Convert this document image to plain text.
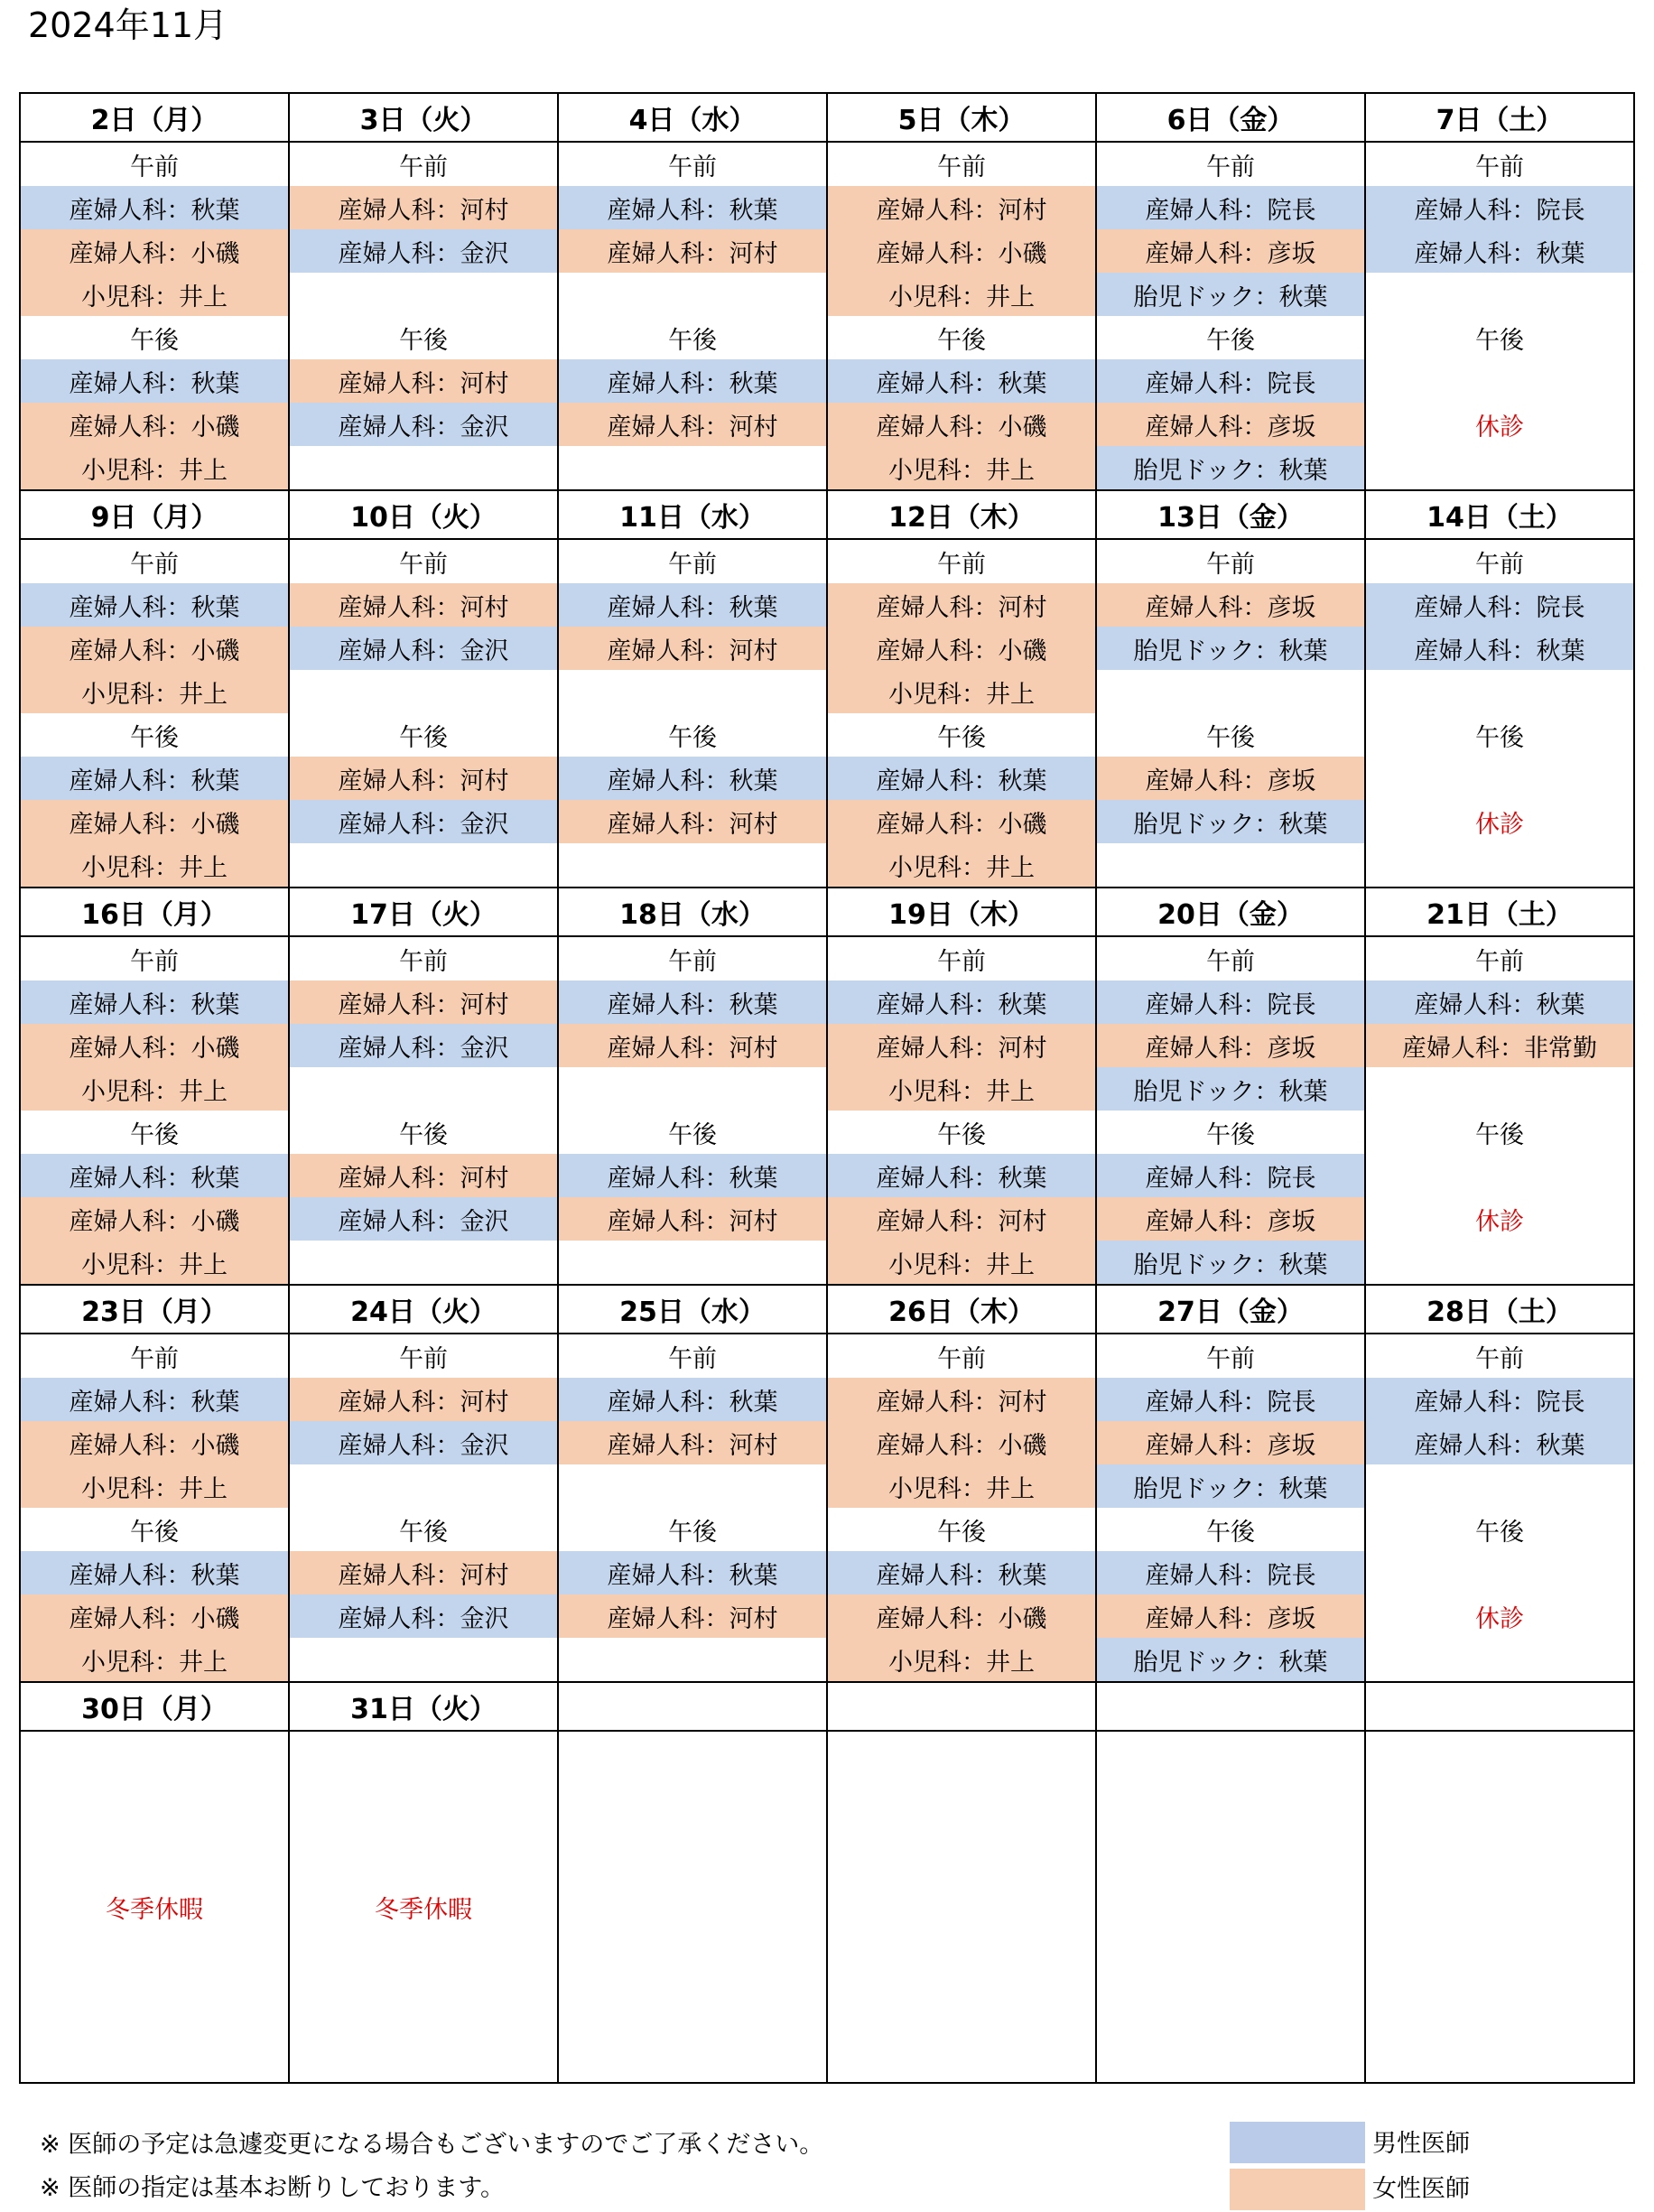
2024年11月
2日（月）	3日（火）	4日（水）	5日（木）	6日（金）	7日（土）
午前	午前	午前	午前	午前	午前
産婦人科：秋葉	産婦人科：河村	産婦人科：秋葉	産婦人科：河村	産婦人科：院長	産婦人科：院長
産婦人科：小磯	産婦人科：金沢	産婦人科：河村	産婦人科：小磯	産婦人科：彦坂	産婦人科：秋葉
小児科：井上			小児科：井上	胎児ドック：秋葉	
午後	午後	午後	午後	午後	午後
産婦人科：秋葉	産婦人科：河村	産婦人科：秋葉	産婦人科：秋葉	産婦人科：院長	休診
産婦人科：小磯	産婦人科：金沢	産婦人科：河村	産婦人科：小磯	産婦人科：彦坂	
小児科：井上			小児科：井上	胎児ドック：秋葉	
9日（月）	10日（火）	11日（水）	12日（木）	13日（金）	14日（土）
午前	午前	午前	午前	午前	午前
産婦人科：秋葉	産婦人科：河村	産婦人科：秋葉	産婦人科：河村	産婦人科：彦坂	産婦人科：院長
産婦人科：小磯	産婦人科：金沢	産婦人科：河村	産婦人科：小磯	胎児ドック：秋葉	産婦人科：秋葉
小児科：井上			小児科：井上		
午後	午後	午後	午後	午後	午後
産婦人科：秋葉	産婦人科：河村	産婦人科：秋葉	産婦人科：秋葉	産婦人科：彦坂	休診
産婦人科：小磯	産婦人科：金沢	産婦人科：河村	産婦人科：小磯	胎児ドック：秋葉	
小児科：井上			小児科：井上		
16日（月）	17日（火）	18日（水）	19日（木）	20日（金）	21日（土）
午前	午前	午前	午前	午前	午前
産婦人科：秋葉	産婦人科：河村	産婦人科：秋葉	産婦人科：秋葉	産婦人科：院長	産婦人科：秋葉
産婦人科：小磯	産婦人科：金沢	産婦人科：河村	産婦人科：河村	産婦人科：彦坂	産婦人科：非常勤
小児科：井上			小児科：井上	胎児ドック：秋葉	
午後	午後	午後	午後	午後	午後
産婦人科：秋葉	産婦人科：河村	産婦人科：秋葉	産婦人科：秋葉	産婦人科：院長	休診
産婦人科：小磯	産婦人科：金沢	産婦人科：河村	産婦人科：河村	産婦人科：彦坂	
小児科：井上			小児科：井上	胎児ドック：秋葉	
23日（月）	24日（火）	25日（水）	26日（木）	27日（金）	28日（土）
午前	午前	午前	午前	午前	午前
産婦人科：秋葉	産婦人科：河村	産婦人科：秋葉	産婦人科：河村	産婦人科：院長	産婦人科：院長
産婦人科：小磯	産婦人科：金沢	産婦人科：河村	産婦人科：小磯	産婦人科：彦坂	産婦人科：秋葉
小児科：井上			小児科：井上	胎児ドック：秋葉	
午後	午後	午後	午後	午後	午後
産婦人科：秋葉	産婦人科：河村	産婦人科：秋葉	産婦人科：秋葉	産婦人科：院長	休診
産婦人科：小磯	産婦人科：金沢	産婦人科：河村	産婦人科：小磯	産婦人科：彦坂	
小児科：井上			小児科：井上	胎児ドック：秋葉	
30日（月）	31日（火）				
冬季休暇	冬季休暇				

※ 医師の予定は急遽変更になる場合もございますのでご了承ください。

※ 医師の指定は基本お断りしております。

男性医師
女性医師
